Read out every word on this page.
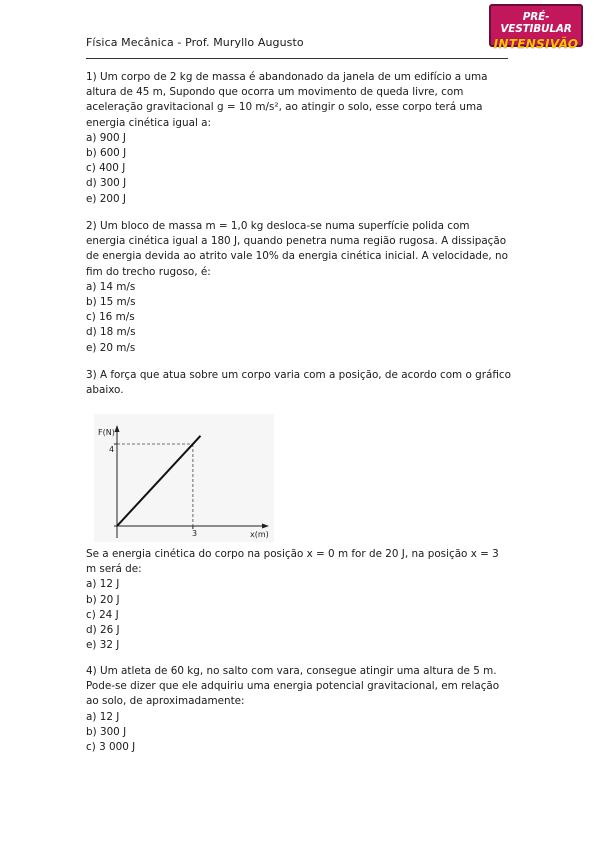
Física Mecânica - Prof. Muryllo Augusto
PRÉ-VESTIBULAR
INTENSIVÃO

1) Um corpo de 2 kg de massa é abandonado da janela de um edifício a uma altura de 45 m, Supondo que ocorra um movimento de queda livre, com aceleração gravitacional g = 10 m/s², ao atingir o solo, esse corpo terá uma energia cinética igual a:

a) 900 J
b) 600 J
c) 400 J
d) 300 J
e) 200 J

2) Um bloco de massa m = 1,0 kg desloca-se numa superfície polida com energia cinética igual a 180 J, quando penetra numa região rugosa. A dissipação de energia devida ao atrito vale 10% da energia cinética inicial. A velocidade, no fim do trecho rugoso, é:

a) 14 m/s
b) 15 m/s
c) 16 m/s
d) 18 m/s
e) 20 m/s

3) A força que atua sobre um corpo varia com a posição, de acordo com o gráfico abaixo.

F(N)
x(m)
4
3

Se a energia cinética do corpo na posição x = 0 m for de 20 J, na posição x = 3 m será de:

a) 12 J
b) 20 J
c) 24 J
d) 26 J
e) 32 J

4) Um atleta de 60 kg, no salto com vara, consegue atingir uma altura de 5 m. Pode-se dizer que ele adquiriu uma energia potencial gravitacional, em relação ao solo, de aproximadamente:

a) 12 J
b) 300 J
c) 3 000 J
